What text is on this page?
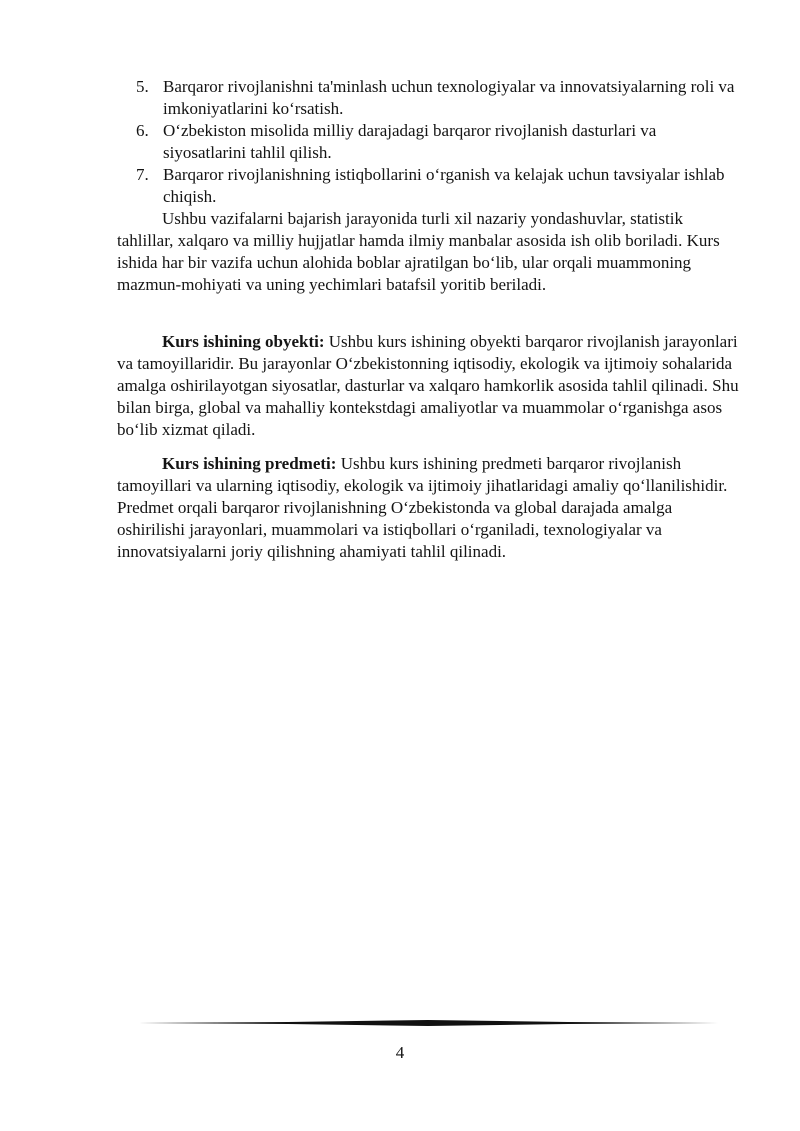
5. Barqaror rivojlanishni ta'minlash uchun texnologiyalar va innovatsiyalarning roli va imkoniyatlarini ko‘rsatish.
6. O‘zbekiston misolida milliy darajadagi barqaror rivojlanish dasturlari va siyosatlarini tahlil qilish.
7. Barqaror rivojlanishning istiqbollarini o‘rganish va kelajak uchun tavsiyalar ishlab chiqish.

Ushbu vazifalarni bajarish jarayonida turli xil nazariy yondashuvlar, statistik tahlillar, xalqaro va milliy hujjatlar hamda ilmiy manbalar asosida ish olib boriladi. Kurs ishida har bir vazifa uchun alohida boblar ajratilgan bo‘lib, ular orqali muammoning mazmun-mohiyati va uning yechimlari batafsil yoritib beriladi.

Kurs ishining obyekti: Ushbu kurs ishining obyekti barqaror rivojlanish jarayonlari va tamoyillaridir. Bu jarayonlar O‘zbekistonning iqtisodiy, ekologik va ijtimoiy sohalarida amalga oshirilayotgan siyosatlar, dasturlar va xalqaro hamkorlik asosida tahlil qilinadi. Shu bilan birga, global va mahalliy kontekstdagi amaliyotlar va muammolar o‘rganishga asos bo‘lib xizmat qiladi.

Kurs ishining predmeti: Ushbu kurs ishining predmeti barqaror rivojlanish tamoyillari va ularning iqtisodiy, ekologik va ijtimoiy jihatlaridagi amaliy qo‘llanilishidir. Predmet orqali barqaror rivojlanishning O‘zbekistonda va global darajada amalga oshirilishi jarayonlari, muammolari va istiqbollari o‘rganiladi, texnologiyalar va innovatsiyalarni joriy qilishning ahamiyati tahlil qilinadi.

4
